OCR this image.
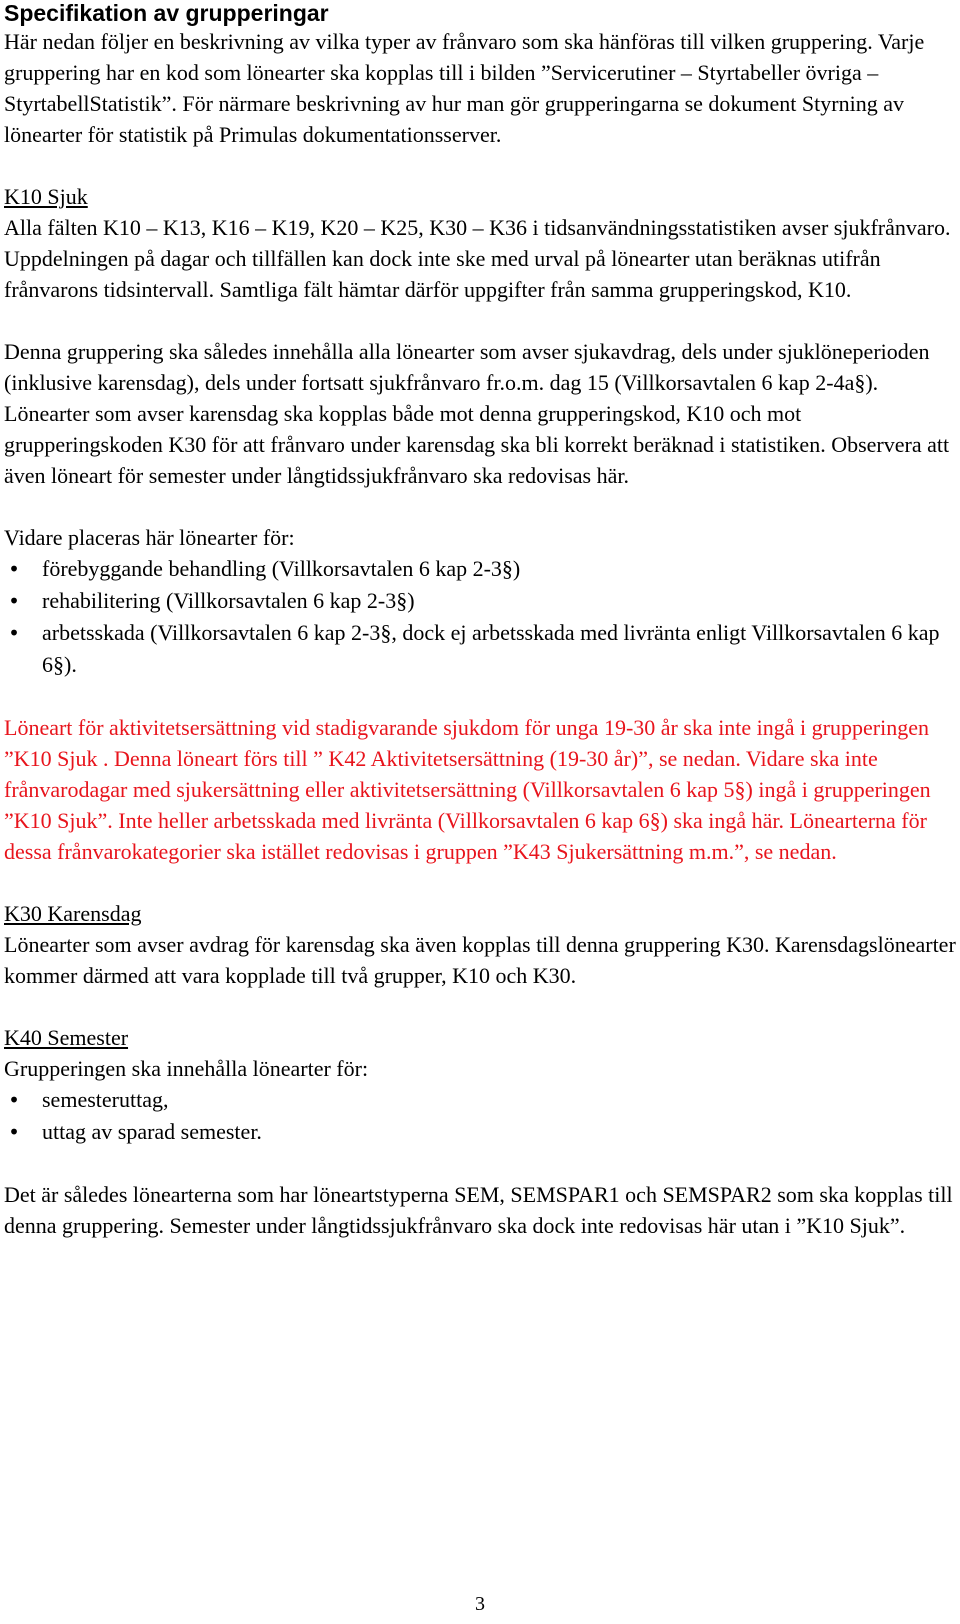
Specifikation av grupperingar

Här nedan följer en beskrivning av vilka typer av frånvaro som ska hänföras till vilken gruppering. Varje gruppering har en kod som lönearter ska kopplas till i bilden ”Servicerutiner – Styrtabeller övriga – StyrtabellStatistik”. För närmare beskrivning av hur man gör grupperingarna se dokument Styrning av lönearter för statistik på Primulas dokumentationsserver.

K10 Sjuk

Alla fälten K10 – K13, K16 – K19, K20 – K25, K30 – K36 i tidsanvändningsstatistiken avser sjukfrånvaro. Uppdelningen på dagar och tillfällen kan dock inte ske med urval på lönearter utan beräknas utifrån frånvarons tidsintervall. Samtliga fält hämtar därför uppgifter från samma grupperingskod, K10.

Denna gruppering ska således innehålla alla lönearter som avser sjukavdrag, dels under sjuklöneperioden (inklusive karensdag), dels under fortsatt sjukfrånvaro fr.o.m. dag 15 (Villkorsavtalen 6 kap 2-4a§). Lönearter som avser karensdag ska kopplas både mot denna grupperingskod, K10 och mot grupperingskoden K30 för att frånvaro under karensdag ska bli korrekt beräknad i statistiken. Observera att även löneart för semester under långtidssjukfrånvaro ska redovisas här.

Vidare placeras här lönearter för:

• förebyggande behandling (Villkorsavtalen 6 kap 2-3§)
• rehabilitering (Villkorsavtalen 6 kap 2-3§)
• arbetsskada (Villkorsavtalen 6 kap 2-3§, dock ej arbetsskada med livränta enligt Villkorsavtalen 6 kap 6§).

Löneart för aktivitetsersättning vid stadigvarande sjukdom för unga 19-30 år ska inte ingå i grupperingen ”K10 Sjuk . Denna löneart förs till ” K42 Aktivitetsersättning (19-30 år)”, se nedan. Vidare ska inte frånvarodagar med sjukersättning eller aktivitetsersättning (Villkorsavtalen 6 kap 5§) ingå i grupperingen ”K10 Sjuk”. Inte heller arbetsskada med livränta (Villkorsavtalen 6 kap 6§) ska ingå här. Lönearterna för dessa frånvarokategorier ska istället redovisas i gruppen ”K43 Sjukersättning m.m.”, se nedan.

K30 Karensdag

Lönearter som avser avdrag för karensdag ska även kopplas till denna gruppering K30. Karensdagslönearter kommer därmed att vara kopplade till två grupper, K10 och K30.

K40 Semester

Grupperingen ska innehålla lönearter för:

• semesteruttag,
• uttag av sparad semester.

Det är således lönearterna som har löneartstyperna SEM, SEMSPAR1 och SEMSPAR2 som ska kopplas till denna gruppering. Semester under långtidssjukfrånvaro ska dock inte redovisas här utan i ”K10 Sjuk”.

3
